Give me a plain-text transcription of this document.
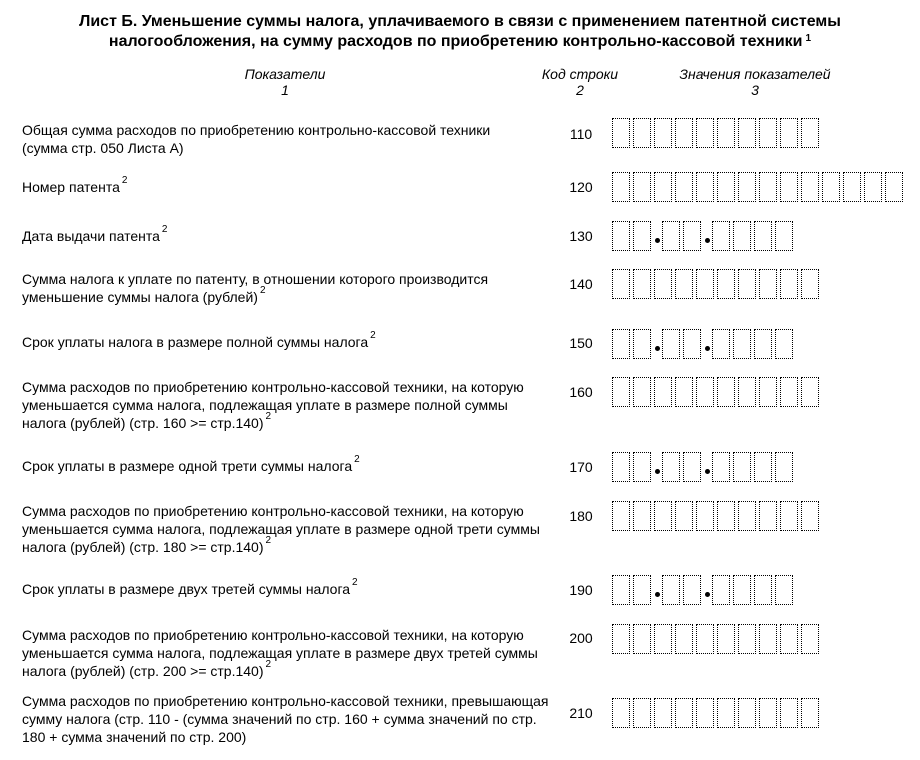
Лист Б. Уменьшение суммы налога, уплачиваемого в связи с применением патентной системы
налогообложения, на сумму расходов по приобретению контрольно-кассовой техники $^1$
Показатели
1
Код строки
2
Значения показателей
3
Общая сумма расходов по приобретению контрольно-кассовой техники
(сумма стр. 050 Листа А)
110
Номер патента $^2$	120
Дата выдачи патента $^2$	130
Сумма налога к уплате по патенту, в отношении которого производится
уменьшение суммы налога (рублей) $^2$	140
Срок уплаты налога в размере полной суммы налога $^2$	150
Сумма расходов по приобретению контрольно-кассовой техники, на которую
уменьшается сумма налога, подлежащая уплате в размере полной суммы
налога (рублей) (стр. 160 >= стр.140) $^2$
160
Срок уплаты в размере одной трети суммы налога $^2$	170
Сумма расходов по приобретению контрольно-кассовой техники, на которую
уменьшается сумма налога, подлежащая уплате в размере одной трети суммы
налога (рублей) (стр. 180 >= стр.140) $^2$
180
Срок уплаты в размере двух третей суммы налога $^2$	190
Сумма расходов по приобретению контрольно-кассовой техники, на которую
уменьшается сумма налога, подлежащая уплате в размере двух третей суммы
налога (рублей) (стр. 200 >= стр.140) $^2$
200
Сумма расходов по приобретению контрольно-кассовой техники, превышающая
сумму налога (стр. 110 - (сумма значений по стр. 160 + сумма значений по стр.
180 + сумма значений по стр. 200)
210
